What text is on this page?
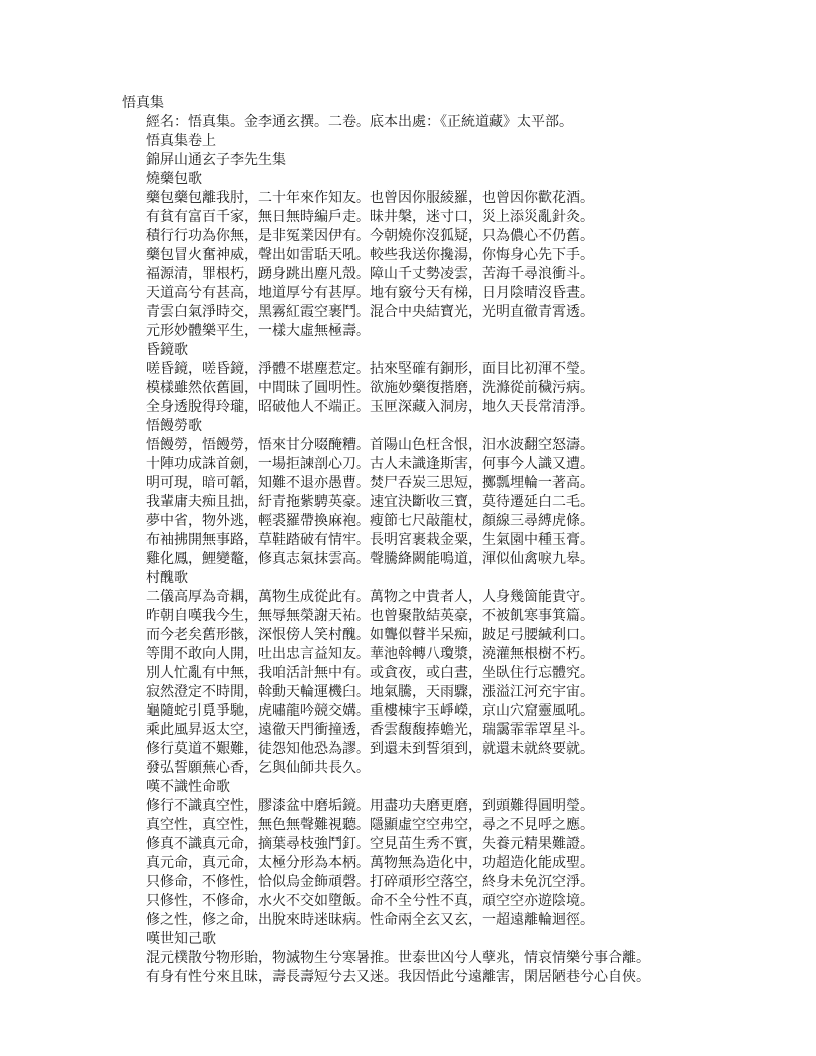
悟真集

經名：悟真集。金李通玄撰。二卷。底本出處：《正統道藏》太平部。

悟真集卷上

錦屏山通玄子李先生集

燒藥包歌

藥包藥包離我肘，二十年來作知友。也曾因你服綾羅，也曾因你歡花酒。

有貧有富百千家，無日無時編戶走。昧井槃，迷寸口，災上添災亂針灸。

積行行功為你無，是非冤業因伊有。今朝燒你沒狐疑，只為儂心不仍舊。

藥包冒火奮神威，聲出如雷聒天吼。較些我送你攙湯，你悔身心先下手。

福源清，罪根朽，踴身跳出塵凡殼。障山千丈勢凌雲，苦海千尋浪衝斗。

天道高兮有甚高，地道厚兮有甚厚。地有竅兮天有梯，日月陰晴沒昏晝。

青雲白氣淨時交，黑霧紅霞空裹鬥。混合中央結寶光，光明直徹青霄透。

元形妙體樂平生，一樣大虛無極壽。

昏鏡歌

嗟昏鏡，嗟昏鏡，淨體不堪塵惹定。拈來堅確有銅形，面目比初渾不瑩。

模樣雖然依舊圓，中間昧了圓明性。欲施妙藥復揩磨，洗滌從前穢污病。

全身透脫得玲瓏，昭破他人不端正。玉匣深藏入洞房，地久天長常清淨。

悟饅勞歌

悟饅勞，悟饅勞，悟來甘分啜醃糟。首陽山色枉含恨，汨水波翻空怒濤。

十陣功成誅首劍，一場拒諫剖心刀。古人未識逢斯害，何事今人識又遭。

明可現，暗可韜，知難不退亦愚曹。焚尸吞炭三思短，擲瓢埋輪一著高。

我輩庸夫痴且拙，紆青拖紫騁英豪。速宜決斷收三寶，莫待遷延白二毛。

夢中省，物外逃，輕裘羅帶換麻袍。瘦節七尺敲龍杖，顏線三尋縛虎條。

布袖拂開無事路，草鞋踏破有情牢。長明宮裹栽金粟，生氣園中種玉膏。

雞化鳳，鯉變鼇，修真志氣抹雲高。聲騰絳闕能鳴道，渾似仙禽唳九皋。

村醜歌

二儀高厚為奇耦，萬物生成從此有。萬物之中貴者人，人身幾箇能貴守。

昨朝自嘆我今生，無辱無榮謝天祐。也曾聚散結英豪，不被飢寒事箕篇。

而今老矣舊形骸，深恨傍人笑村醜。如聾似瞽半呆痴，跛足弓腰緘利口。

等閒不敢向人開，吐出忠言益知友。華池斡轉八瓊漿，澆灌無根樹不朽。

別人忙亂有中無，我咱活計無中有。或貪夜，或白晝，坐臥住行忘體究。

寂然澄定不時閒，斡動天輪運機臼。地氣騰，天雨驟，漲溢江河充宇宙。

龜隨蛇引覓爭馳，虎嘯龍吟競交媾。重樓棟宇玉崢嶸，京山穴窟靈風吼。

乘此風昇返太空，遠徹天門衝撞透，香雲馥馥捧蟾光，瑞靄霏霏罩星斗。

修行莫道不艱難，徒怨知他恐為謬。到還未到誓須到，就還未就終要就。

發弘誓願蕪心香，乞與仙師共長久。

嘆不識性命歌

修行不識真空性，膠漆盆中磨垢鏡。用盡功夫磨更磨，到頭難得圓明瑩。

真空性，真空性，無色無聲難視聽。隱顯虛空空弗空，尋之不見呼之應。

修真不識真元命，摘葉尋枝強鬥釘。空見苗生秀不實，失養元精果難證。

真元命，真元命，太極分形為本柄。萬物無為造化中，功超造化能成聖。

只修命，不修性，恰似烏金飾頑磬。打碎頑形空落空，終身未免沉空淨。

只修性，不修命，水火不交如墮飯。命不全兮性不真，頑空空亦遊陰境。

修之性，修之命，出脫來時迷昧病。性命兩全玄又玄，一超遠離輪迴徑。

嘆世知己歌

混元樸散兮物形貽，物滅物生兮寒暑推。世泰世凶兮人孽兆，情哀情樂兮事合離。

有身有性兮來且昧，壽長壽短兮去又迷。我因悟此兮遠離害，閑居陋巷兮心自俠。
